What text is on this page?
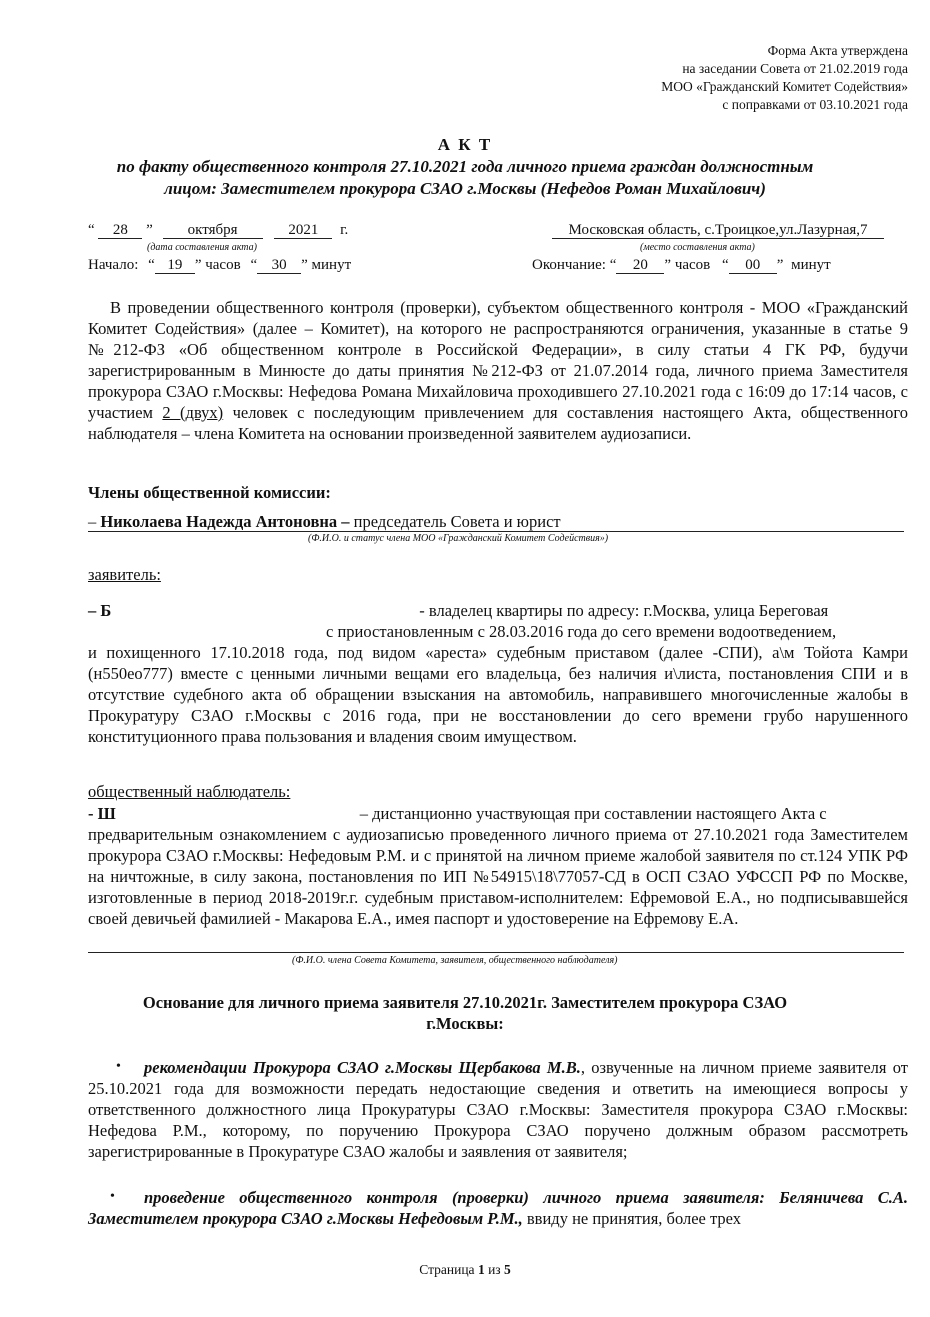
Форма Акта утверждена
на заседании Совета от 21.02.2019 года
МОО «Гражданский Комитет Содействия»
с поправками от 03.10.2021 года
А К Т
по факту общественного контроля 27.10.2021 года личного приема граждан должностным
лицом: Заместителем прокурора СЗАО г.Москвы (Нефедов Роман Михайлович)
“ 28 ” октября	2021 г.
(дата составления акта)
Московская область, с.Троицкое,ул.Лазурная,7
(место составления акта)
Начало: “ 19 ” часов “ 30 ” минут	Окончание: “ 20 ” часов “ 00 ” минут
В проведении общественного контроля (проверки), субъектом общественного контроля - МОО «Гражданский Комитет Содействия» (далее – Комитет), на которого не распространяются ограничения, указанные в статье 9 №212-ФЗ «Об общественном контроле в Российской Федерации», в силу статьи 4 ГК РФ, будучи зарегистрированным в Минюсте до даты принятия №212-ФЗ от 21.07.2014 года, личного приема Заместителя прокурора СЗАО г.Москвы: Нефедова Романа Михайловича проходившего 27.10.2021 года с 16:09 до 17:14 часов, с участием 2 (двух) человек с последующим привлечением для составления настоящего Акта, общественного наблюдателя – члена Комитета на основании произведенной заявителем аудиозаписи.
Члены общественной комиссии:
– Николаева Надежда Антоновна – председатель Совета и юрист
(Ф.И.О. и статус члена МОО «Гражданский Комитет Содействия»)
заявитель:
– Б	- владелец квартиры по адресу: г.Москва, улица Береговая
с приостановленным с 28.03.2016 года до сего времени водоотведением,
и похищенного 17.10.2018 года, под видом «ареста» судебным приставом (далее -СПИ), а\м Тойота Камри (н550ео777) вместе с ценными личными вещами его владельца, без наличия и\листа, постановления СПИ и в отсутствие судебного акта об обращении взыскания на автомобиль, направившего многочисленные жалобы в Прокуратуру СЗАО г.Москвы с 2016 года, при не восстановлении до сего времени грубо нарушенного конституционного права пользования и владения своим имуществом.
общественный наблюдатель:
- Ш	– дистанционно участвующая при составлении настоящего Акта с
предварительным ознакомлением с аудиозаписью проведенного личного приема от 27.10.2021 года Заместителем прокурора СЗАО г.Москвы: Нефедовым Р.М. и с принятой на личном приеме жалобой заявителя по ст.124 УПК РФ на ничтожные, в силу закона, постановления по ИП №54915\18\77057-СД в ОСП СЗАО УФССП РФ по Москве, изготовленные в период 2018-2019г.г. судебным приставом-исполнителем: Ефремовой Е.А., но подписывавшейся своей девичьей фамилией - Макарова Е.А., имея паспорт и удостоверение на Ефремову Е.А.
(Ф.И.О. члена Совета Комитета, заявителя, общественного наблюдателя)
Основание для личного приема заявителя 27.10.2021г. Заместителем прокурора СЗАО
г.Москвы:
•	рекомендации Прокурора СЗАО г.Москвы Щербакова М.В., озвученные на личном приеме заявителя от 25.10.2021 года для возможности передать недостающие сведения и ответить на имеющиеся вопросы у ответственного должностного лица Прокуратуры СЗАО г.Москвы: Заместителя прокурора СЗАО г.Москвы: Нефедова Р.М., которому, по поручению Прокурора СЗАО поручено должным образом рассмотреть зарегистрированные в Прокуратуре СЗАО жалобы и заявления от заявителя;
•	проведение общественного контроля (проверки) личного приема заявителя: Беляничева С.А. Заместителем прокурора СЗАО г.Москвы Нефедовым Р.М., ввиду не принятия, более трех
Страница 1 из 5
